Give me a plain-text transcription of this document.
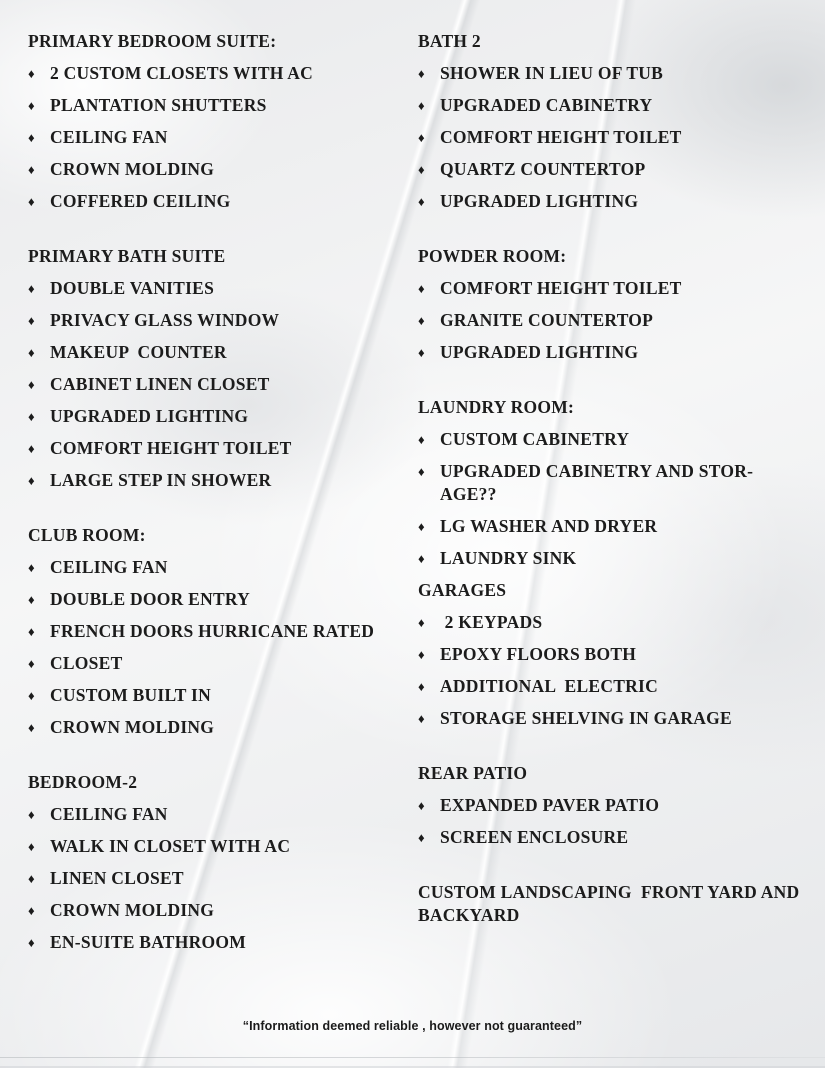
PRIMARY BEDROOM SUITE:

♦ 2 CUSTOM CLOSETS WITH AC
♦ PLANTATION SHUTTERS
♦ CEILING FAN
♦ CROWN MOLDING
♦ COFFERED CEILING

PRIMARY BATH SUITE

♦ DOUBLE VANITIES
♦ PRIVACY GLASS WINDOW
♦ MAKEUP  COUNTER
♦ CABINET LINEN CLOSET
♦ UPGRADED LIGHTING
♦ COMFORT HEIGHT TOILET
♦ LARGE STEP IN SHOWER

CLUB ROOM:

♦ CEILING FAN
♦ DOUBLE DOOR ENTRY
♦ FRENCH DOORS HURRICANE RATED
♦ CLOSET
♦ CUSTOM BUILT IN
♦ CROWN MOLDING

BEDROOM-2

♦ CEILING FAN
♦ WALK IN CLOSET WITH AC
♦ LINEN CLOSET
♦ CROWN MOLDING
♦ EN-SUITE BATHROOM

BATH 2

♦ SHOWER IN LIEU OF TUB
♦ UPGRADED CABINETRY
♦ COMFORT HEIGHT TOILET
♦ QUARTZ COUNTERTOP
♦ UPGRADED LIGHTING

POWDER ROOM:

♦ COMFORT HEIGHT TOILET
♦ GRANITE COUNTERTOP
♦ UPGRADED LIGHTING

LAUNDRY ROOM:

♦ CUSTOM CABINETRY
♦ UPGRADED CABINETRY AND STOR-AGE??
♦ LG WASHER AND DRYER
♦ LAUNDRY SINK

GARAGES

♦ 2 KEYPADS
♦ EPOXY FLOORS BOTH
♦ ADDITIONAL  ELECTRIC
♦ STORAGE SHELVING IN GARAGE

REAR PATIO

♦ EXPANDED PAVER PATIO
♦ SCREEN ENCLOSURE

CUSTOM LANDSCAPING  FRONT YARD AND BACKYARD

“Information deemed reliable , however not guaranteed”
